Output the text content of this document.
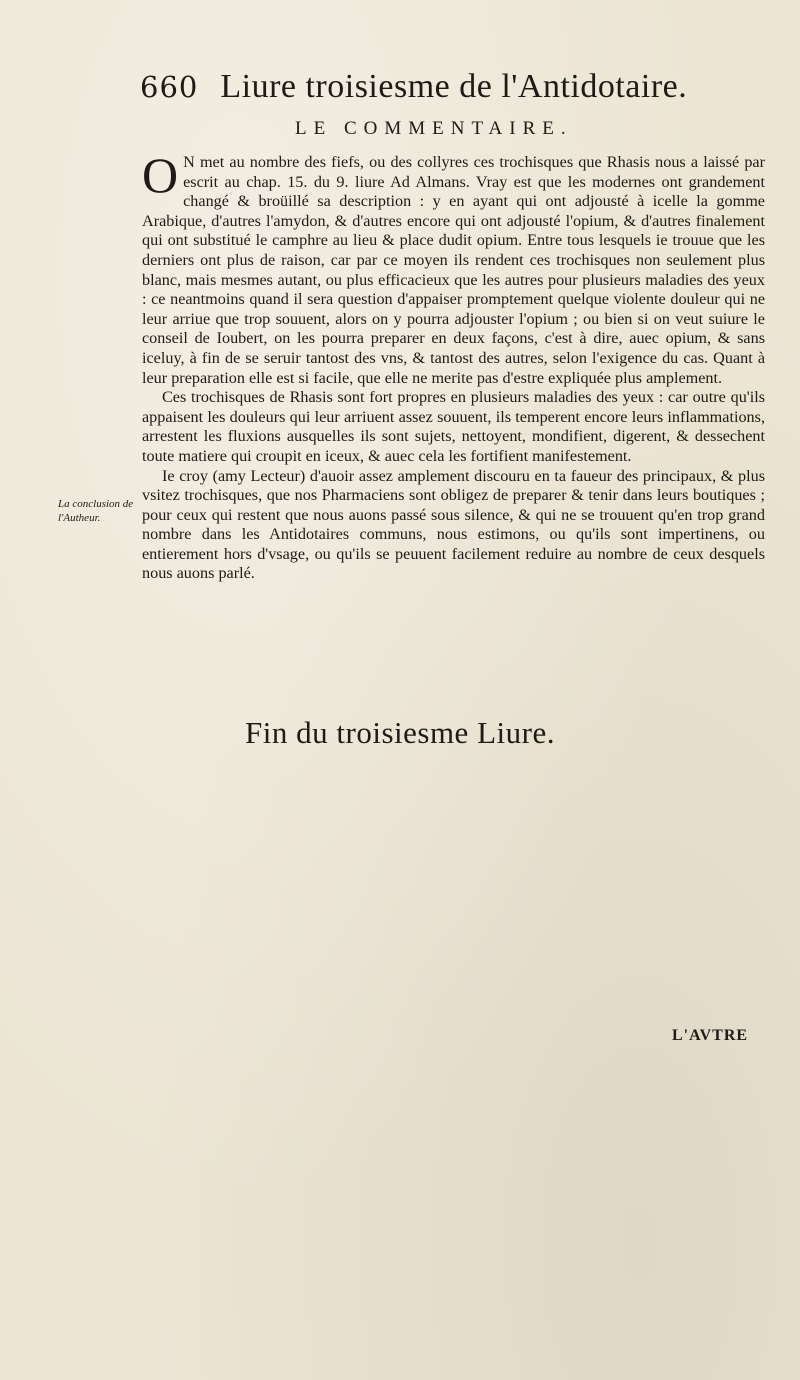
660 Liure troisiesme de l'Antidotaire.
LE COMMENTAIRE.

O N met au nombre des fiefs, ou des collyres ces trochisques que Rhasis nous a laissé par escrit au chap. 15. du 9. liure Ad Almans. Vray est que les modernes ont grandement changé & broüillé sa description : y en ayant qui ont adjousté à icelle la gomme Arabique, d'autres l'amydon, & d'autres encore qui ont adjousté l'opium, & d'autres finalement qui ont substitué le camphre au lieu & place dudit opium. Entre tous lesquels ie trouue que les derniers ont plus de raison, car par ce moyen ils rendent ces trochisques non seulement plus blanc, mais mesmes autant, ou plus efficacieux que les autres pour plusieurs maladies des yeux : ce neantmoins quand il sera question d'appaiser promptement quelque violente douleur qui ne leur arriue que trop souuent, alors on y pourra adjouster l'opium ; ou bien si on veut suiure le conseil de Ioubert, on les pourra preparer en deux façons, c'est à dire, auec opium, & sans iceluy, à fin de se seruir tantost des vns, & tantost des autres, selon l'exigence du cas. Quant à leur preparation elle est si facile, que elle ne merite pas d'estre expliquée plus amplement.

Ces trochisques de Rhasis sont fort propres en plusieurs maladies des yeux : car outre qu'ils appaisent les douleurs qui leur arriuent assez souuent, ils temperent encore leurs inflammations, arrestent les fluxions ausquelles ils sont sujets, nettoyent, mondifient, digerent, & dessechent toute matiere qui croupit en iceux, & auec cela les fortifient manifestement.

Ie croy (amy Lecteur) d'auoir assez amplement discouru en ta faueur des principaux, & plus vsitez trochisques, que nos Pharmaciens sont obligez de preparer & tenir dans leurs boutiques ; pour ceux qui restent que nous auons passé sous silence, & qui ne se trouuent qu'en trop grand nombre dans les Antidotaires communs, nous estimons, ou qu'ils sont impertinens, ou entierement hors d'vsage, ou qu'ils se peuuent facilement reduire au nombre de ceux desquels nous auons parlé.

La conclusion de l'Autheur.
Fin du troisiesme Liure.
L'AVTRE
